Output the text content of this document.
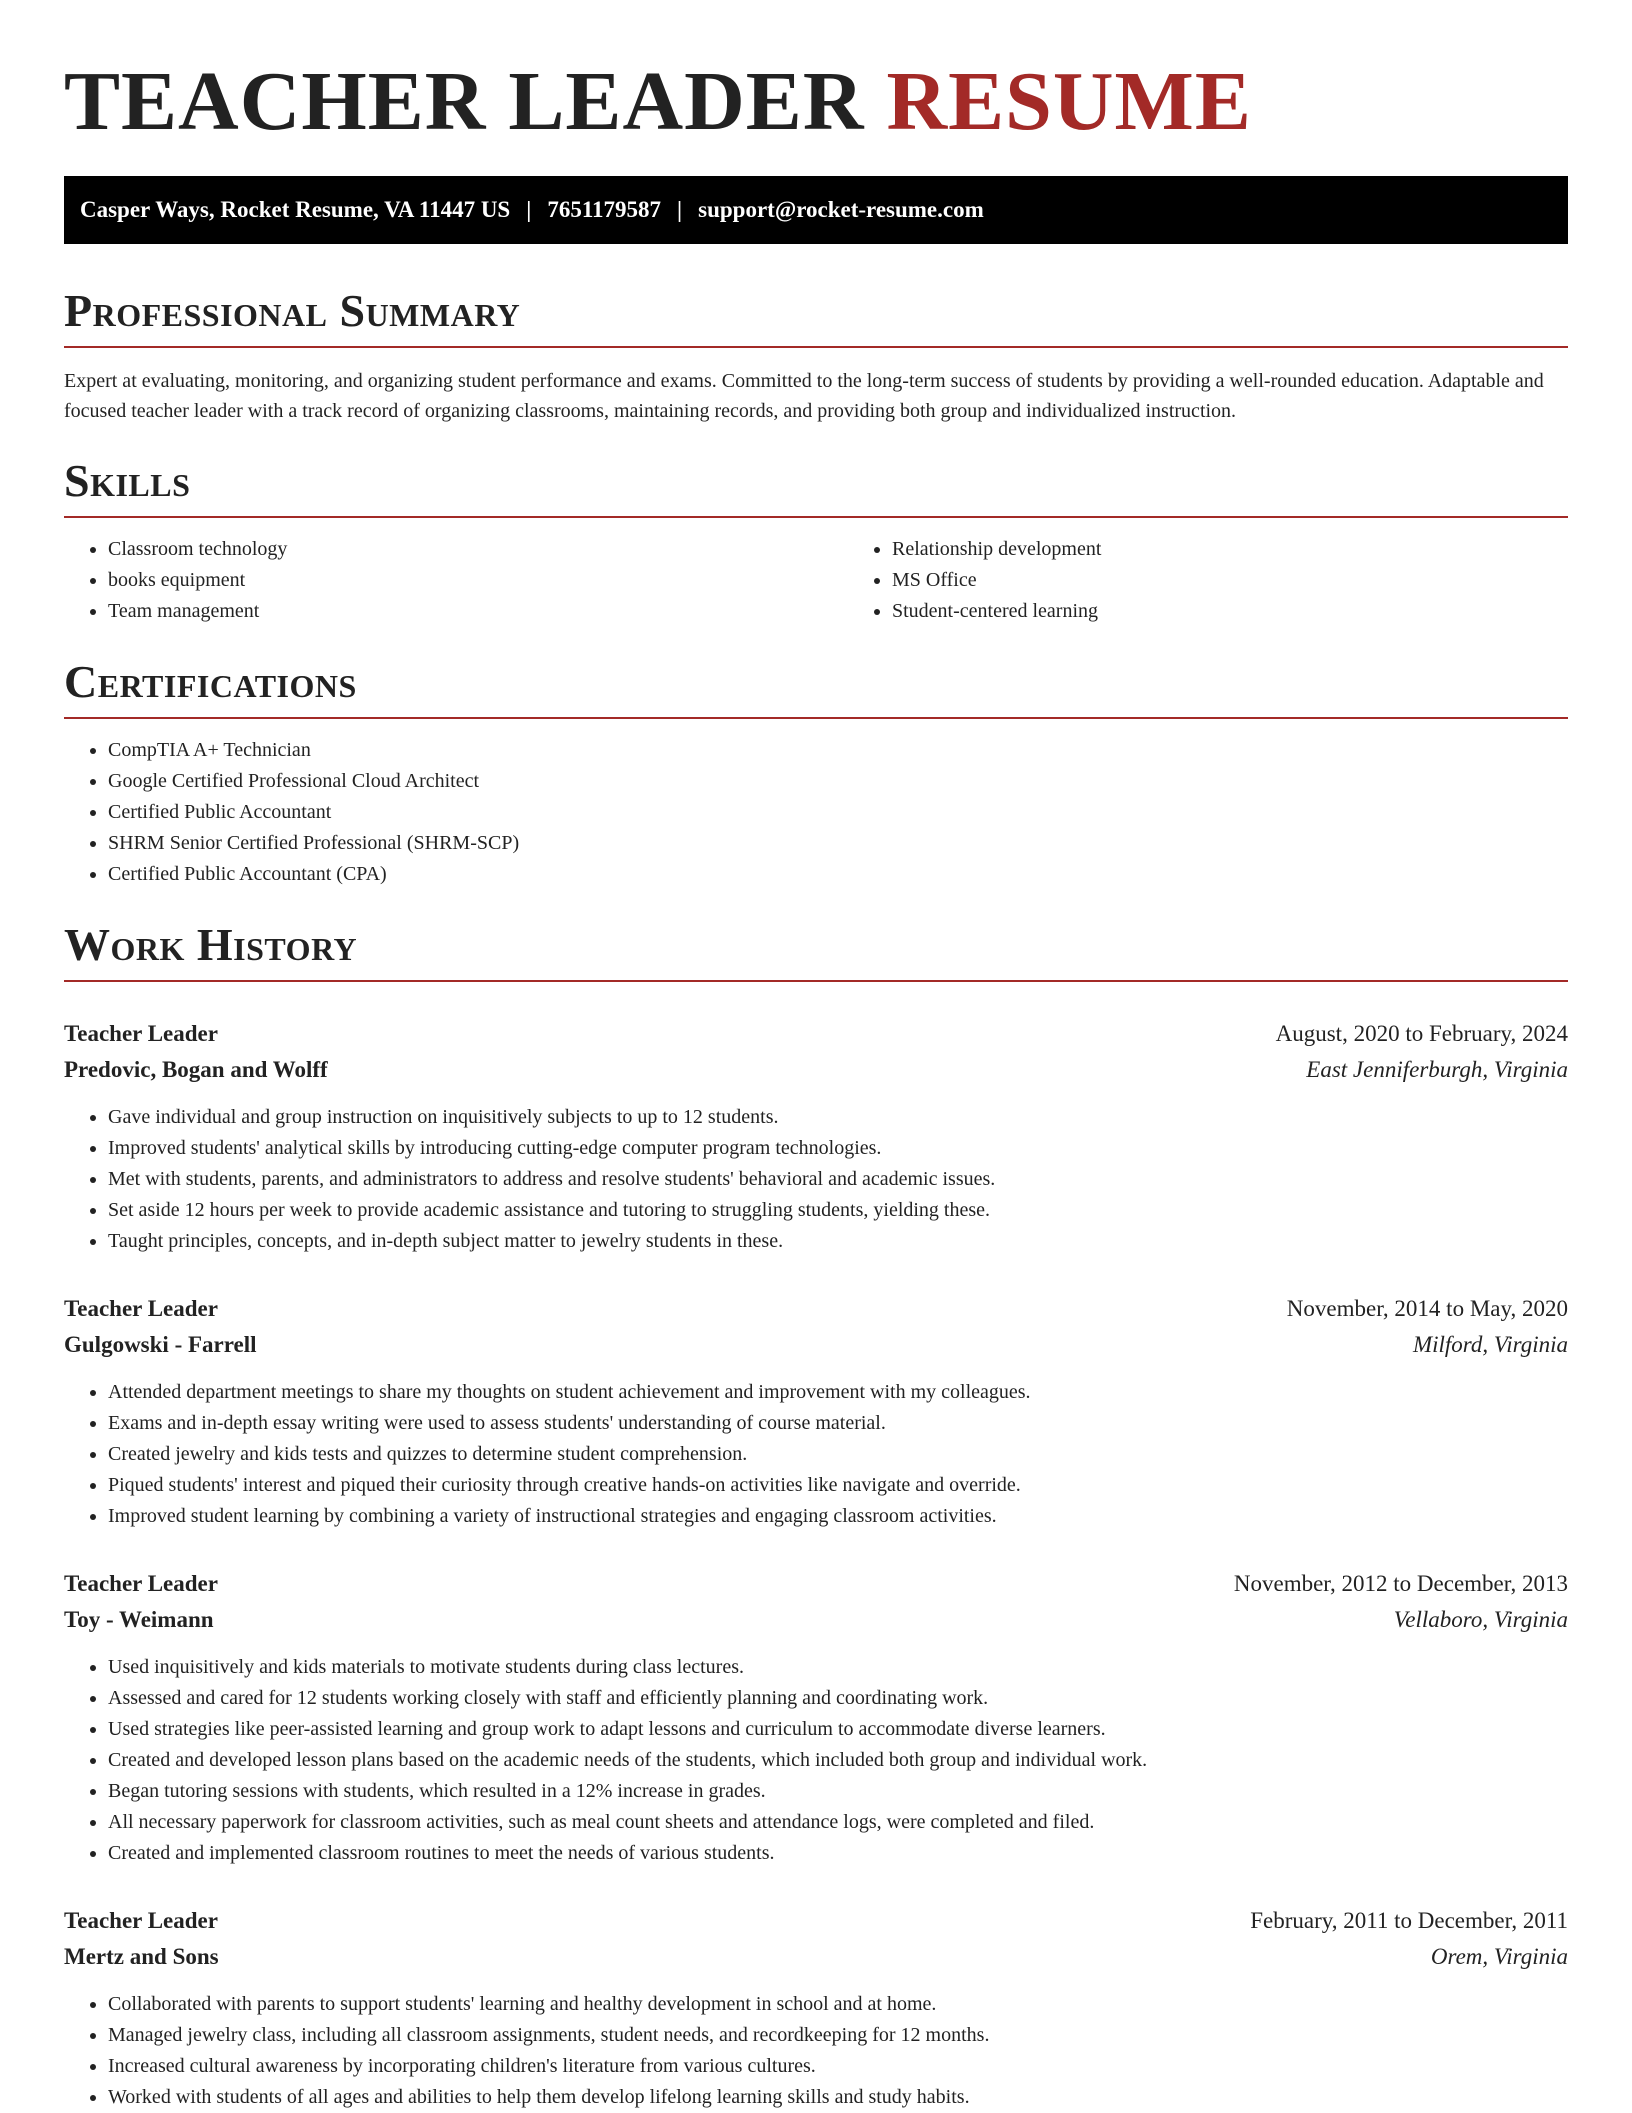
TEACHER LEADER RESUME
Casper Ways, Rocket Resume, VA 11447 US | 7651179587 | support@rocket-resume.com
Professional Summary

Expert at evaluating, monitoring, and organizing student performance and exams. Committed to the long-term success of students by providing a well-rounded education. Adaptable and focused teacher leader with a track record of organizing classrooms, maintaining records, and providing both group and individualized instruction.

Skills
• Classroom technology
• books equipment
• Team management
• Relationship development
• MS Office
• Student-centered learning
Certifications
• CompTIA A+ Technician
• Google Certified Professional Cloud Architect
• Certified Public Accountant
• SHRM Senior Certified Professional (SHRM-SCP)
• Certified Public Accountant (CPA)
Work History
Teacher Leader	August, 2020 to February, 2024
Predovic, Bogan and Wolff	East Jenniferburgh, Virginia
• Gave individual and group instruction on inquisitively subjects to up to 12 students.
• Improved students' analytical skills by introducing cutting-edge computer program technologies.
• Met with students, parents, and administrators to address and resolve students' behavioral and academic issues.
• Set aside 12 hours per week to provide academic assistance and tutoring to struggling students, yielding these.
• Taught principles, concepts, and in-depth subject matter to jewelry students in these.
Teacher Leader	November, 2014 to May, 2020
Gulgowski - Farrell	Milford, Virginia
• Attended department meetings to share my thoughts on student achievement and improvement with my colleagues.
• Exams and in-depth essay writing were used to assess students' understanding of course material.
• Created jewelry and kids tests and quizzes to determine student comprehension.
• Piqued students' interest and piqued their curiosity through creative hands-on activities like navigate and override.
• Improved student learning by combining a variety of instructional strategies and engaging classroom activities.
Teacher Leader	November, 2012 to December, 2013
Toy - Weimann	Vellaboro, Virginia
• Used inquisitively and kids materials to motivate students during class lectures.
• Assessed and cared for 12 students working closely with staff and efficiently planning and coordinating work.
• Used strategies like peer-assisted learning and group work to adapt lessons and curriculum to accommodate diverse learners.
• Created and developed lesson plans based on the academic needs of the students, which included both group and individual work.
• Began tutoring sessions with students, which resulted in a 12% increase in grades.
• All necessary paperwork for classroom activities, such as meal count sheets and attendance logs, were completed and filed.
• Created and implemented classroom routines to meet the needs of various students.
Teacher Leader	February, 2011 to December, 2011
Mertz and Sons	Orem, Virginia
• Collaborated with parents to support students' learning and healthy development in school and at home.
• Managed jewelry class, including all classroom assignments, student needs, and recordkeeping for 12 months.
• Increased cultural awareness by incorporating children's literature from various cultures.
• Worked with students of all ages and abilities to help them develop lifelong learning skills and study habits.
